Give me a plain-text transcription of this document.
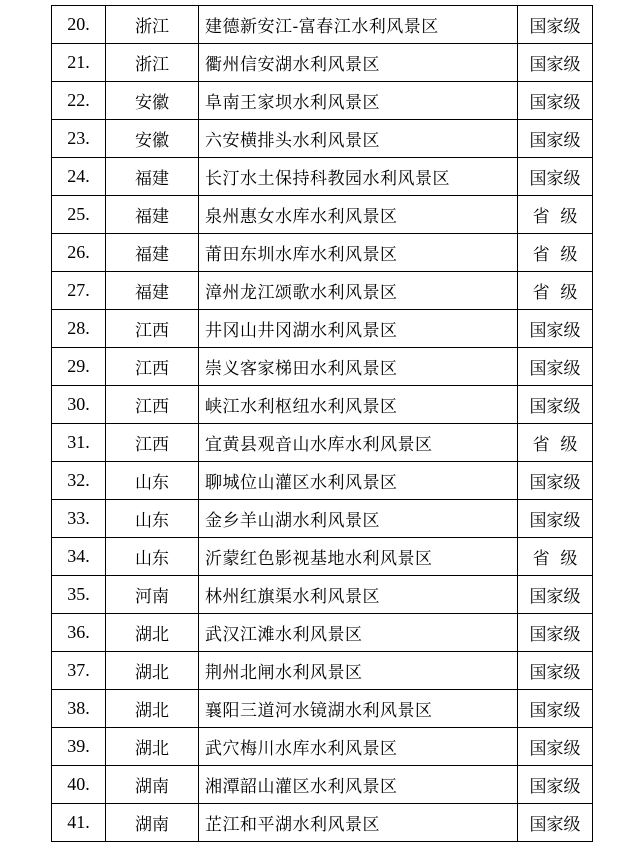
20.	浙江	建德新安江-富春江水利风景区	国家级
21.	浙江	衢州信安湖水利风景区	国家级
22.	安徽	阜南王家坝水利风景区	国家级
23.	安徽	六安横排头水利风景区	国家级
24.	福建	长汀水土保持科教园水利风景区	国家级
25.	福建	泉州惠女水库水利风景区	省  级
26.	福建	莆田东圳水库水利风景区	省  级
27.	福建	漳州龙江颂歌水利风景区	省  级
28.	江西	井冈山井冈湖水利风景区	国家级
29.	江西	崇义客家梯田水利风景区	国家级
30.	江西	峡江水利枢纽水利风景区	国家级
31.	江西	宜黄县观音山水库水利风景区	省  级
32.	山东	聊城位山灌区水利风景区	国家级
33.	山东	金乡羊山湖水利风景区	国家级
34.	山东	沂蒙红色影视基地水利风景区	省  级
35.	河南	林州红旗渠水利风景区	国家级
36.	湖北	武汉江滩水利风景区	国家级
37.	湖北	荆州北闸水利风景区	国家级
38.	湖北	襄阳三道河水镜湖水利风景区	国家级
39.	湖北	武穴梅川水库水利风景区	国家级
40.	湖南	湘潭韶山灌区水利风景区	国家级
41.	湖南	芷江和平湖水利风景区	国家级
